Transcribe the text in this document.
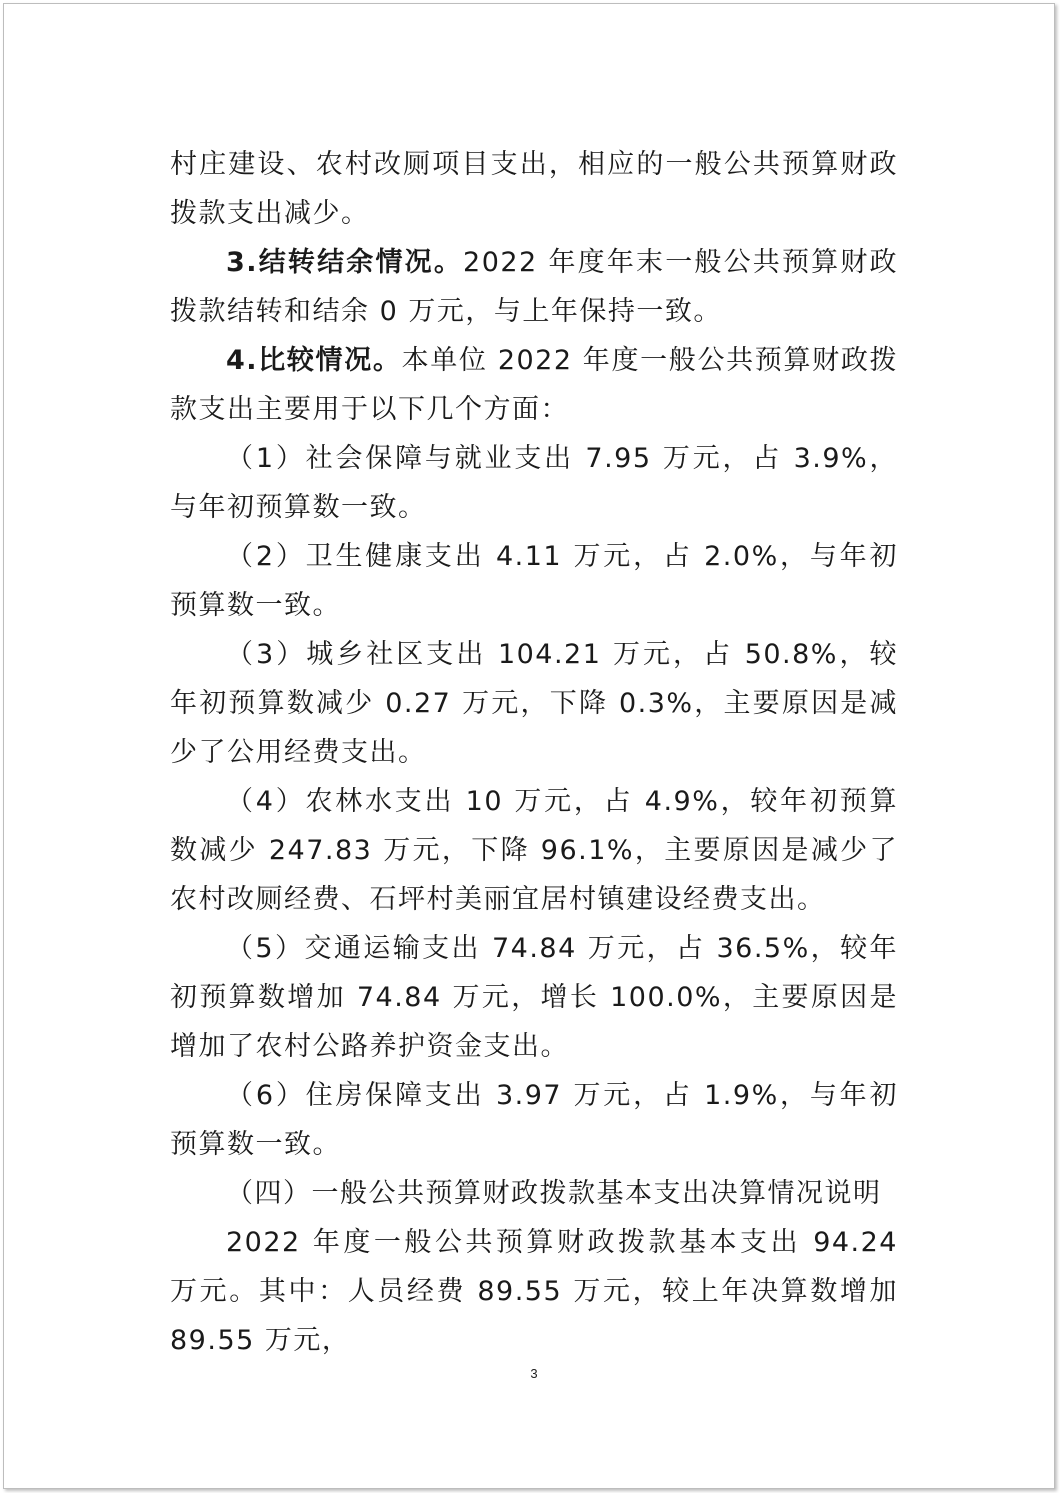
村庄建设、农村改厕项目支出，相应的一般公共预算财政拨款支出减少。

3.结转结余情况。2022 年度年末一般公共预算财政拨款结转和结余 0 万元，与上年保持一致。

4.比较情况。本单位 2022 年度一般公共预算财政拨款支出主要用于以下几个方面：

（1）社会保障与就业支出 7.95 万元，占 3.9%，与年初预算数一致。

（2）卫生健康支出 4.11 万元，占 2.0%，与年初预算数一致。

（3）城乡社区支出 104.21 万元，占 50.8%，较年初预算数减少 0.27 万元，下降 0.3%，主要原因是减少了公用经费支出。

（4）农林水支出 10 万元，占 4.9%，较年初预算数减少 247.83 万元，下降 96.1%，主要原因是减少了农村改厕经费、石坪村美丽宜居村镇建设经费支出。

（5）交通运输支出 74.84 万元，占 36.5%，较年初预算数增加 74.84 万元，增长 100.0%，主要原因是增加了农村公路养护资金支出。

（6）住房保障支出 3.97 万元，占 1.9%，与年初预算数一致。

（四）一般公共预算财政拨款基本支出决算情况说明

2022 年度一般公共预算财政拨款基本支出 94.24 万元。其中：人员经费 89.55 万元，较上年决算数增加 89.55 万元，

3
